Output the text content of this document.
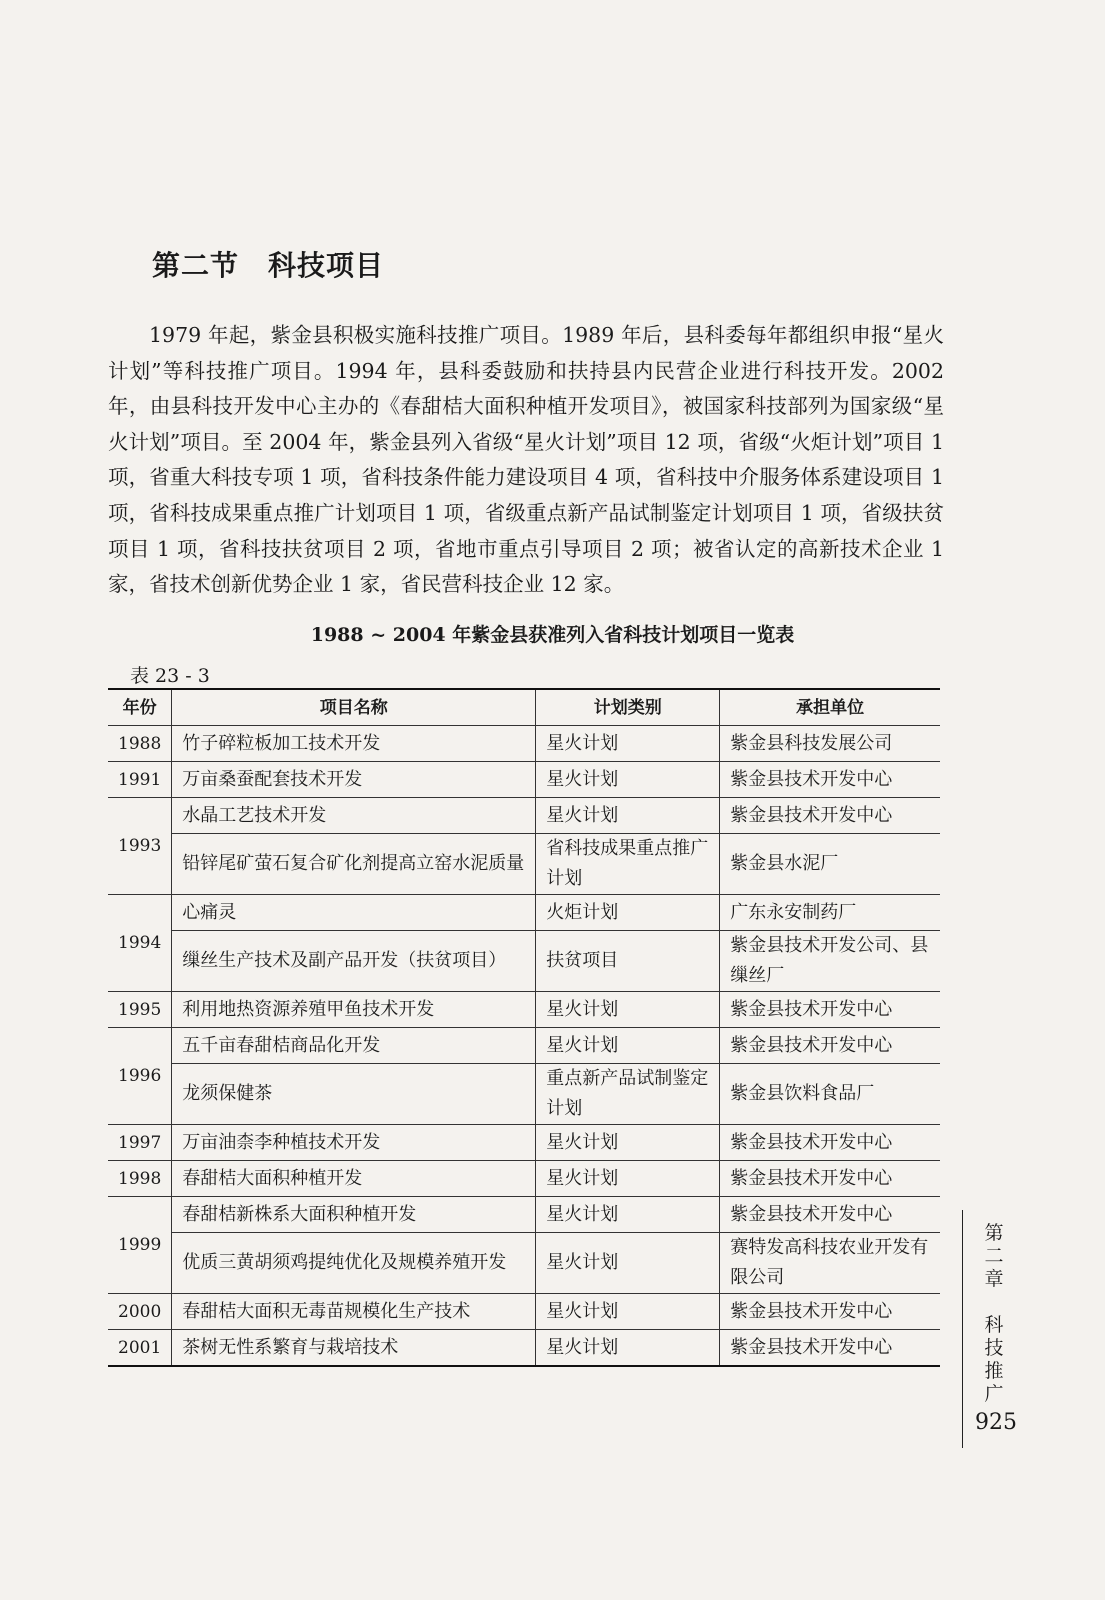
第二节　科技项目

1979 年起，紫金县积极实施科技推广项目。1989 年后，县科委每年都组织申报“星火计划”等科技推广项目。1994 年，县科委鼓励和扶持县内民营企业进行科技开发。2002 年，由县科技开发中心主办的《春甜桔大面积种植开发项目》，被国家科技部列为国家级“星火计划”项目。至 2004 年，紫金县列入省级“星火计划”项目 12 项，省级“火炬计划”项目 1 项，省重大科技专项 1 项，省科技条件能力建设项目 4 项，省科技中介服务体系建设项目 1 项，省科技成果重点推广计划项目 1 项，省级重点新产品试制鉴定计划项目 1 项，省级扶贫项目 1 项，省科技扶贫项目 2 项，省地市重点引导项目 2 项；被省认定的高新技术企业 1 家，省技术创新优势企业 1 家，省民营科技企业 12 家。

1988 ~ 2004 年紫金县获准列入省科技计划项目一览表
表 23 - 3
年份	项目名称	计划类别	承担单位
1988	竹子碎粒板加工技术开发	星火计划	紫金县科技发展公司
1991	万亩桑蚕配套技术开发	星火计划	紫金县技术开发中心
1993	水晶工艺技术开发	星火计划	紫金县技术开发中心
	铅锌尾矿萤石复合矿化剂提高立窑水泥质量	省科技成果重点推广计划	紫金县水泥厂
1994	心痛灵	火炬计划	广东永安制药厂
	缫丝生产技术及副产品开发（扶贫项目）	扶贫项目	紫金县技术开发公司、县缫丝厂
1995	利用地热资源养殖甲鱼技术开发	星火计划	紫金县技术开发中心
1996	五千亩春甜桔商品化开发	星火计划	紫金县技术开发中心
	龙须保健茶	重点新产品试制鉴定计划	紫金县饮料食品厂
1997	万亩油柰李种植技术开发	星火计划	紫金县技术开发中心
1998	春甜桔大面积种植开发	星火计划	紫金县技术开发中心
1999	春甜桔新株系大面积种植开发	星火计划	紫金县技术开发中心
	优质三黄胡须鸡提纯优化及规模养殖开发	星火计划	赛特发高科技农业开发有限公司
2000	春甜桔大面积无毒苗规模化生产技术	星火计划	紫金县技术开发中心
2001	茶树无性系繁育与栽培技术	星火计划	紫金县技术开发中心
第二章

科技推广
925
